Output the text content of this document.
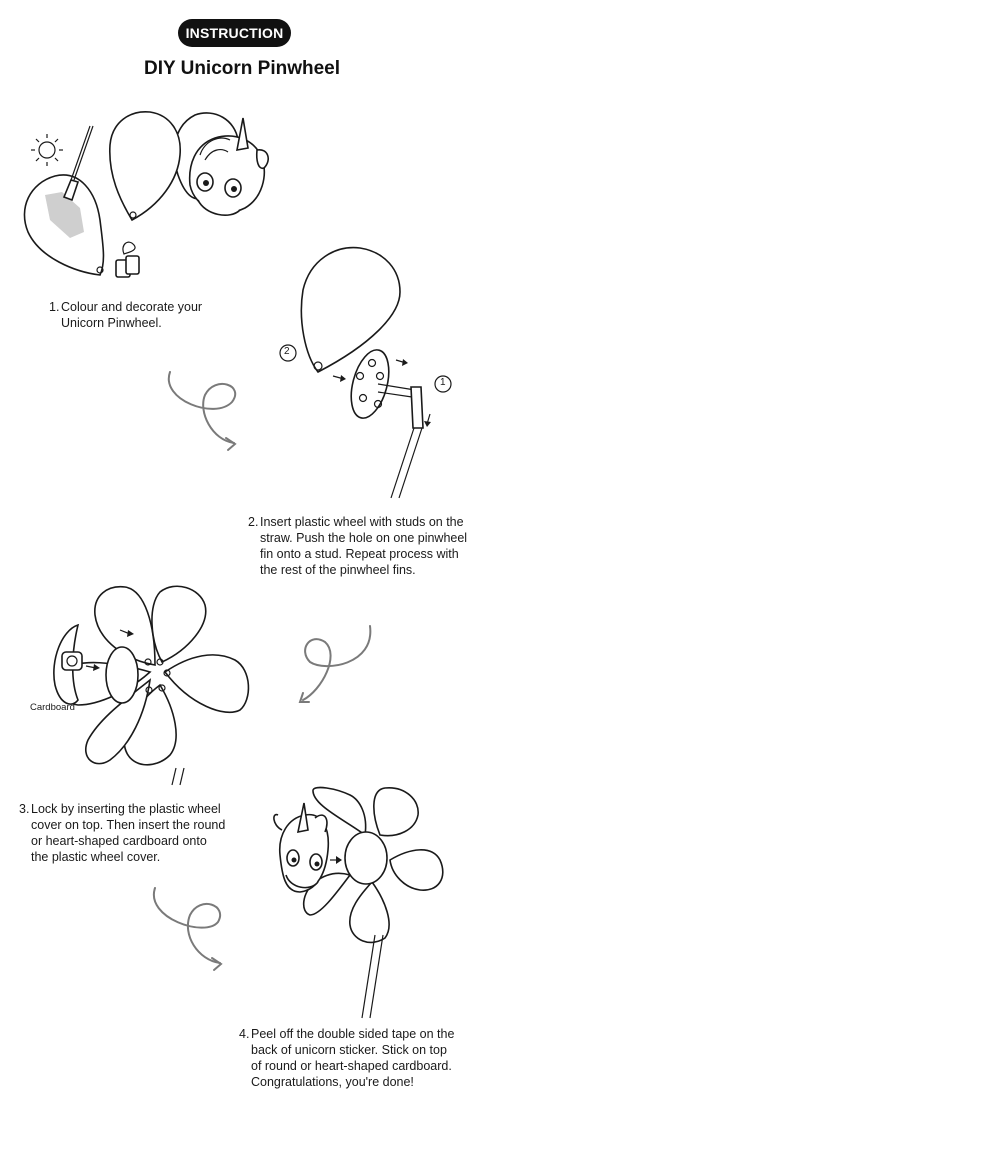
INSTRUCTION
DIY Unicorn Pinwheel
2
1
Cardboard
1. Colour and decorate your
Unicorn Pinwheel.
2. Insert plastic wheel with studs on the
straw. Push the hole on one pinwheel
fin onto a stud. Repeat process with
the rest of the pinwheel fins.
3. Lock by inserting the plastic wheel
cover on top. Then insert the round
or heart-shaped cardboard onto
the plastic wheel cover.
4. Peel off the double sided tape on the
back of unicorn sticker. Stick on top
of round or heart-shaped cardboard.
Congratulations, you're done!
